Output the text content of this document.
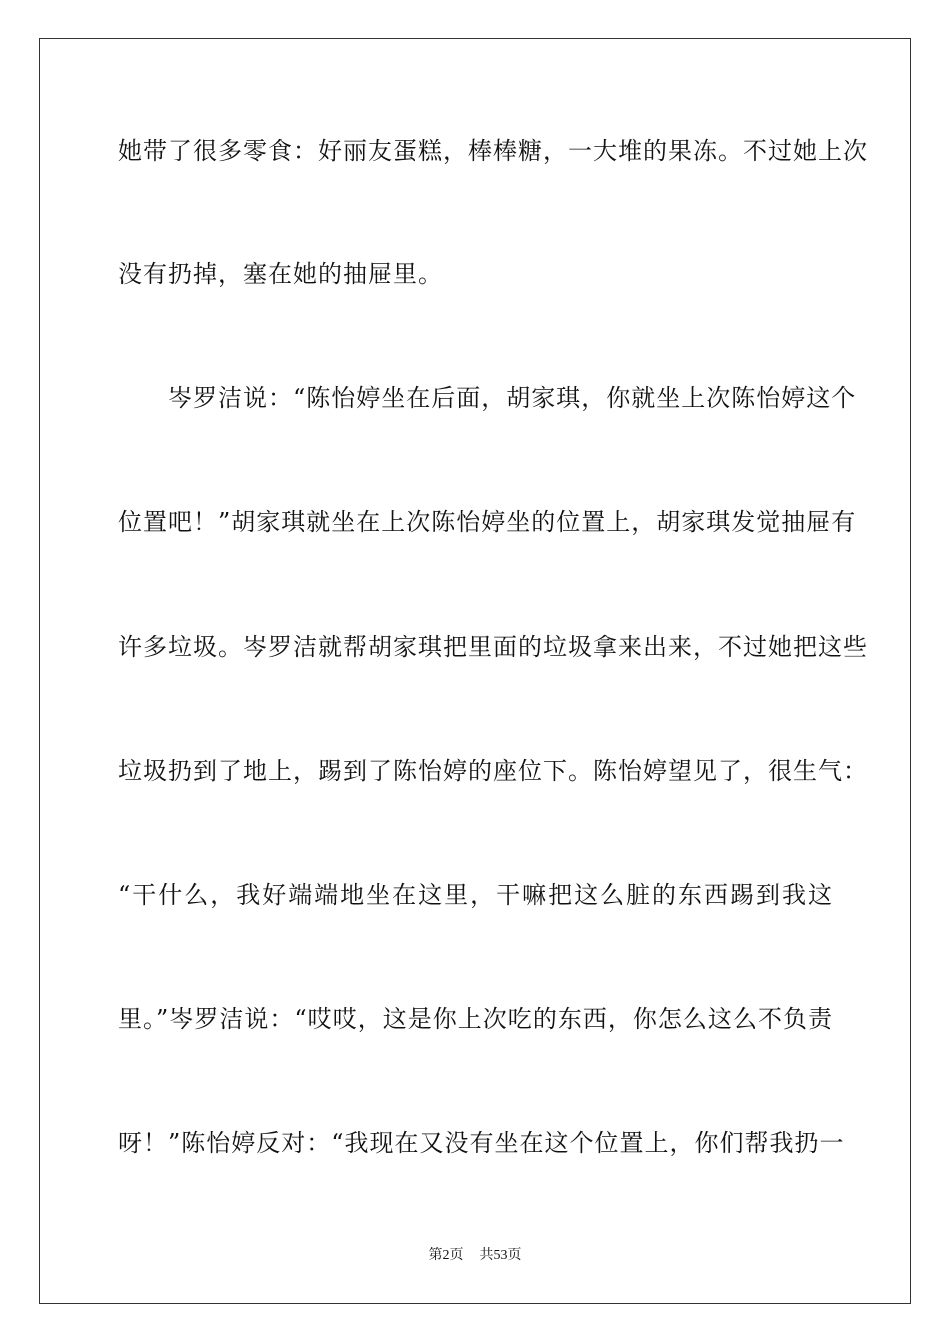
她带了很多零食：好丽友蛋糕，棒棒糖，一大堆的果冻。不过她上次
没有扔掉，塞在她的抽屉里。
　　岑罗洁说：“陈怡婷坐在后面，胡家琪，你就坐上次陈怡婷这个
位置吧！”胡家琪就坐在上次陈怡婷坐的位置上，胡家琪发觉抽屉有
许多垃圾。岑罗洁就帮胡家琪把里面的垃圾拿来出来，不过她把这些
垃圾扔到了地上，踢到了陈怡婷的座位下。陈怡婷望见了，很生气：
“干什么，我好端端地坐在这里，干嘛把这么脏的东西踢到我这
里。”岑罗洁说：“哎哎，这是你上次吃的东西，你怎么这么不负责
呀！”陈怡婷反对：“我现在又没有坐在这个位置上，你们帮我扔一
第2页 共53页
